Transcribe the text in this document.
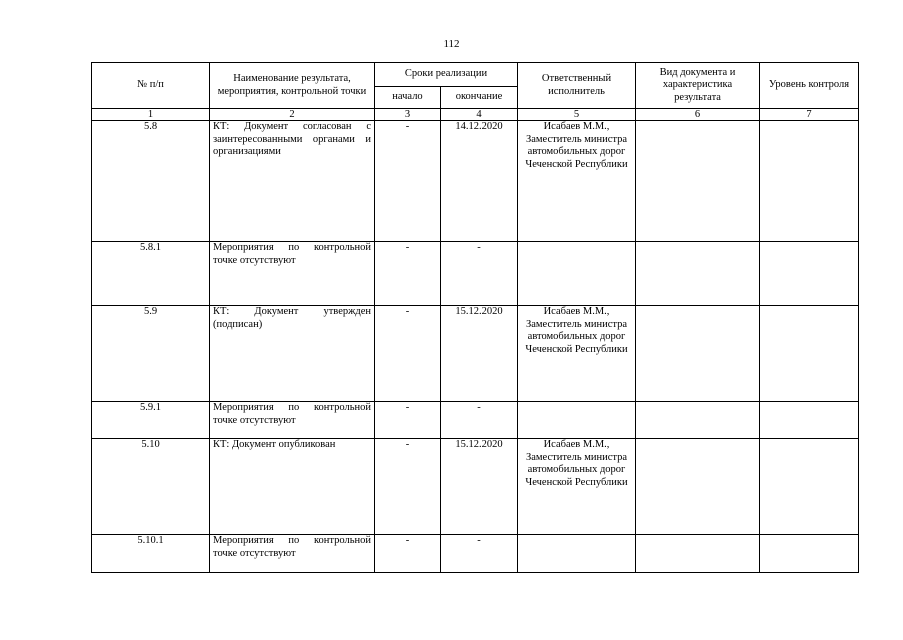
112
№ п/п	Наименование результата, мероприятия, контрольной точки	Сроки реализации		Ответственный исполнитель	Вид документа и характеристика результата	Уровень контроля
		начало	окончание			
1	2	3	4	5	6	7
5.8	КТ: Документ согласован с заинтересованными органами и организациями	-	14.12.2020	Исабаев М.М., Заместитель министра автомобильных дорог Чеченской Республики		
5.8.1	Мероприятия по контрольной точке отсутствуют	-	-			
5.9	КТ: Документ утвержден (подписан)	-	15.12.2020	Исабаев М.М., Заместитель министра автомобильных дорог Чеченской Республики		
5.9.1	Мероприятия по контрольной точке отсутствуют	-	-			
5.10	КТ: Документ опубликован	-	15.12.2020	Исабаев М.М., Заместитель министра автомобильных дорог Чеченской Республики		
5.10.1	Мероприятия по контрольной точке отсутствуют	-	-			
